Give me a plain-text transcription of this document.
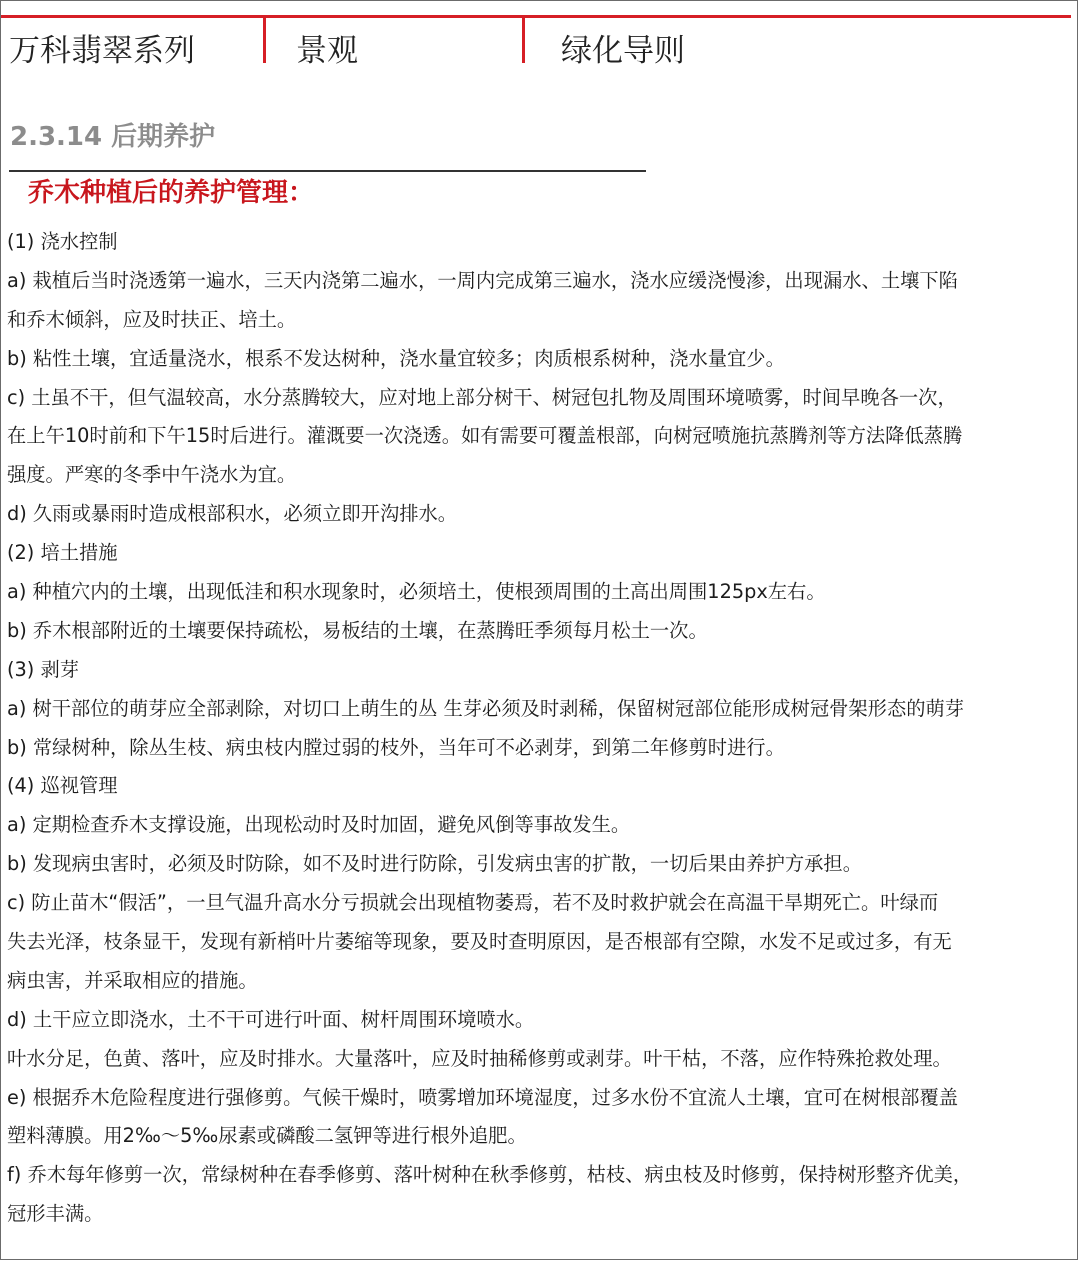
万科翡翠系列	景观	绿化导则
2.3.14 后期养护
乔木种植后的养护管理：
(1) 浇水控制
a) 栽植后当时浇透第一遍水，三天内浇第二遍水，一周内完成第三遍水，浇水应缓浇慢渗，出现漏水、土壤下陷
和乔木倾斜，应及时扶正、培土。
b) 粘性土壤，宜适量浇水，根系不发达树种，浇水量宜较多；肉质根系树种，浇水量宜少。
c) 土虽不干，但气温较高，水分蒸腾较大，应对地上部分树干、树冠包扎物及周围环境喷雾，时间早晚各一次，
在上午10时前和下午15时后进行。灌溉要一次浇透。如有需要可覆盖根部，向树冠喷施抗蒸腾剂等方法降低蒸腾
强度。严寒的冬季中午浇水为宜。
d) 久雨或暴雨时造成根部积水，必须立即开沟排水。
(2) 培土措施
a) 种植穴内的土壤，出现低洼和积水现象时，必须培土，使根颈周围的土高出周围125px左右。
b) 乔木根部附近的土壤要保持疏松，易板结的土壤，在蒸腾旺季须每月松土一次。
(3) 剥芽
a) 树干部位的萌芽应全部剥除，对切口上萌生的丛 生芽必须及时剥稀，保留树冠部位能形成树冠骨架形态的萌芽
b) 常绿树种，除丛生枝、病虫枝内膛过弱的枝外，当年可不必剥芽，到第二年修剪时进行。
(4) 巡视管理
a) 定期检查乔木支撑设施，出现松动时及时加固，避免风倒等事故发生。
b) 发现病虫害时，必须及时防除，如不及时进行防除，引发病虫害的扩散，一切后果由养护方承担。
c) 防止苗木“假活”，一旦气温升高水分亏损就会出现植物萎焉，若不及时救护就会在高温干旱期死亡。叶绿而
失去光泽，枝条显干，发现有新梢叶片萎缩等现象，要及时查明原因，是否根部有空隙，水发不足或过多，有无
病虫害，并采取相应的措施。
d) 土干应立即浇水，土不干可进行叶面、树杆周围环境喷水。
叶水分足，色黄、落叶，应及时排水。大量落叶，应及时抽稀修剪或剥芽。叶干枯，不落，应作特殊抢救处理。
e) 根据乔木危险程度进行强修剪。气候干燥时，喷雾增加环境湿度，过多水份不宜流人土壤，宜可在树根部覆盖
塑料薄膜。用2‰～5‰尿素或磷酸二氢钾等进行根外追肥。
f) 乔木每年修剪一次，常绿树种在春季修剪、落叶树种在秋季修剪，枯枝、病虫枝及时修剪，保持树形整齐优美，
冠形丰满。
